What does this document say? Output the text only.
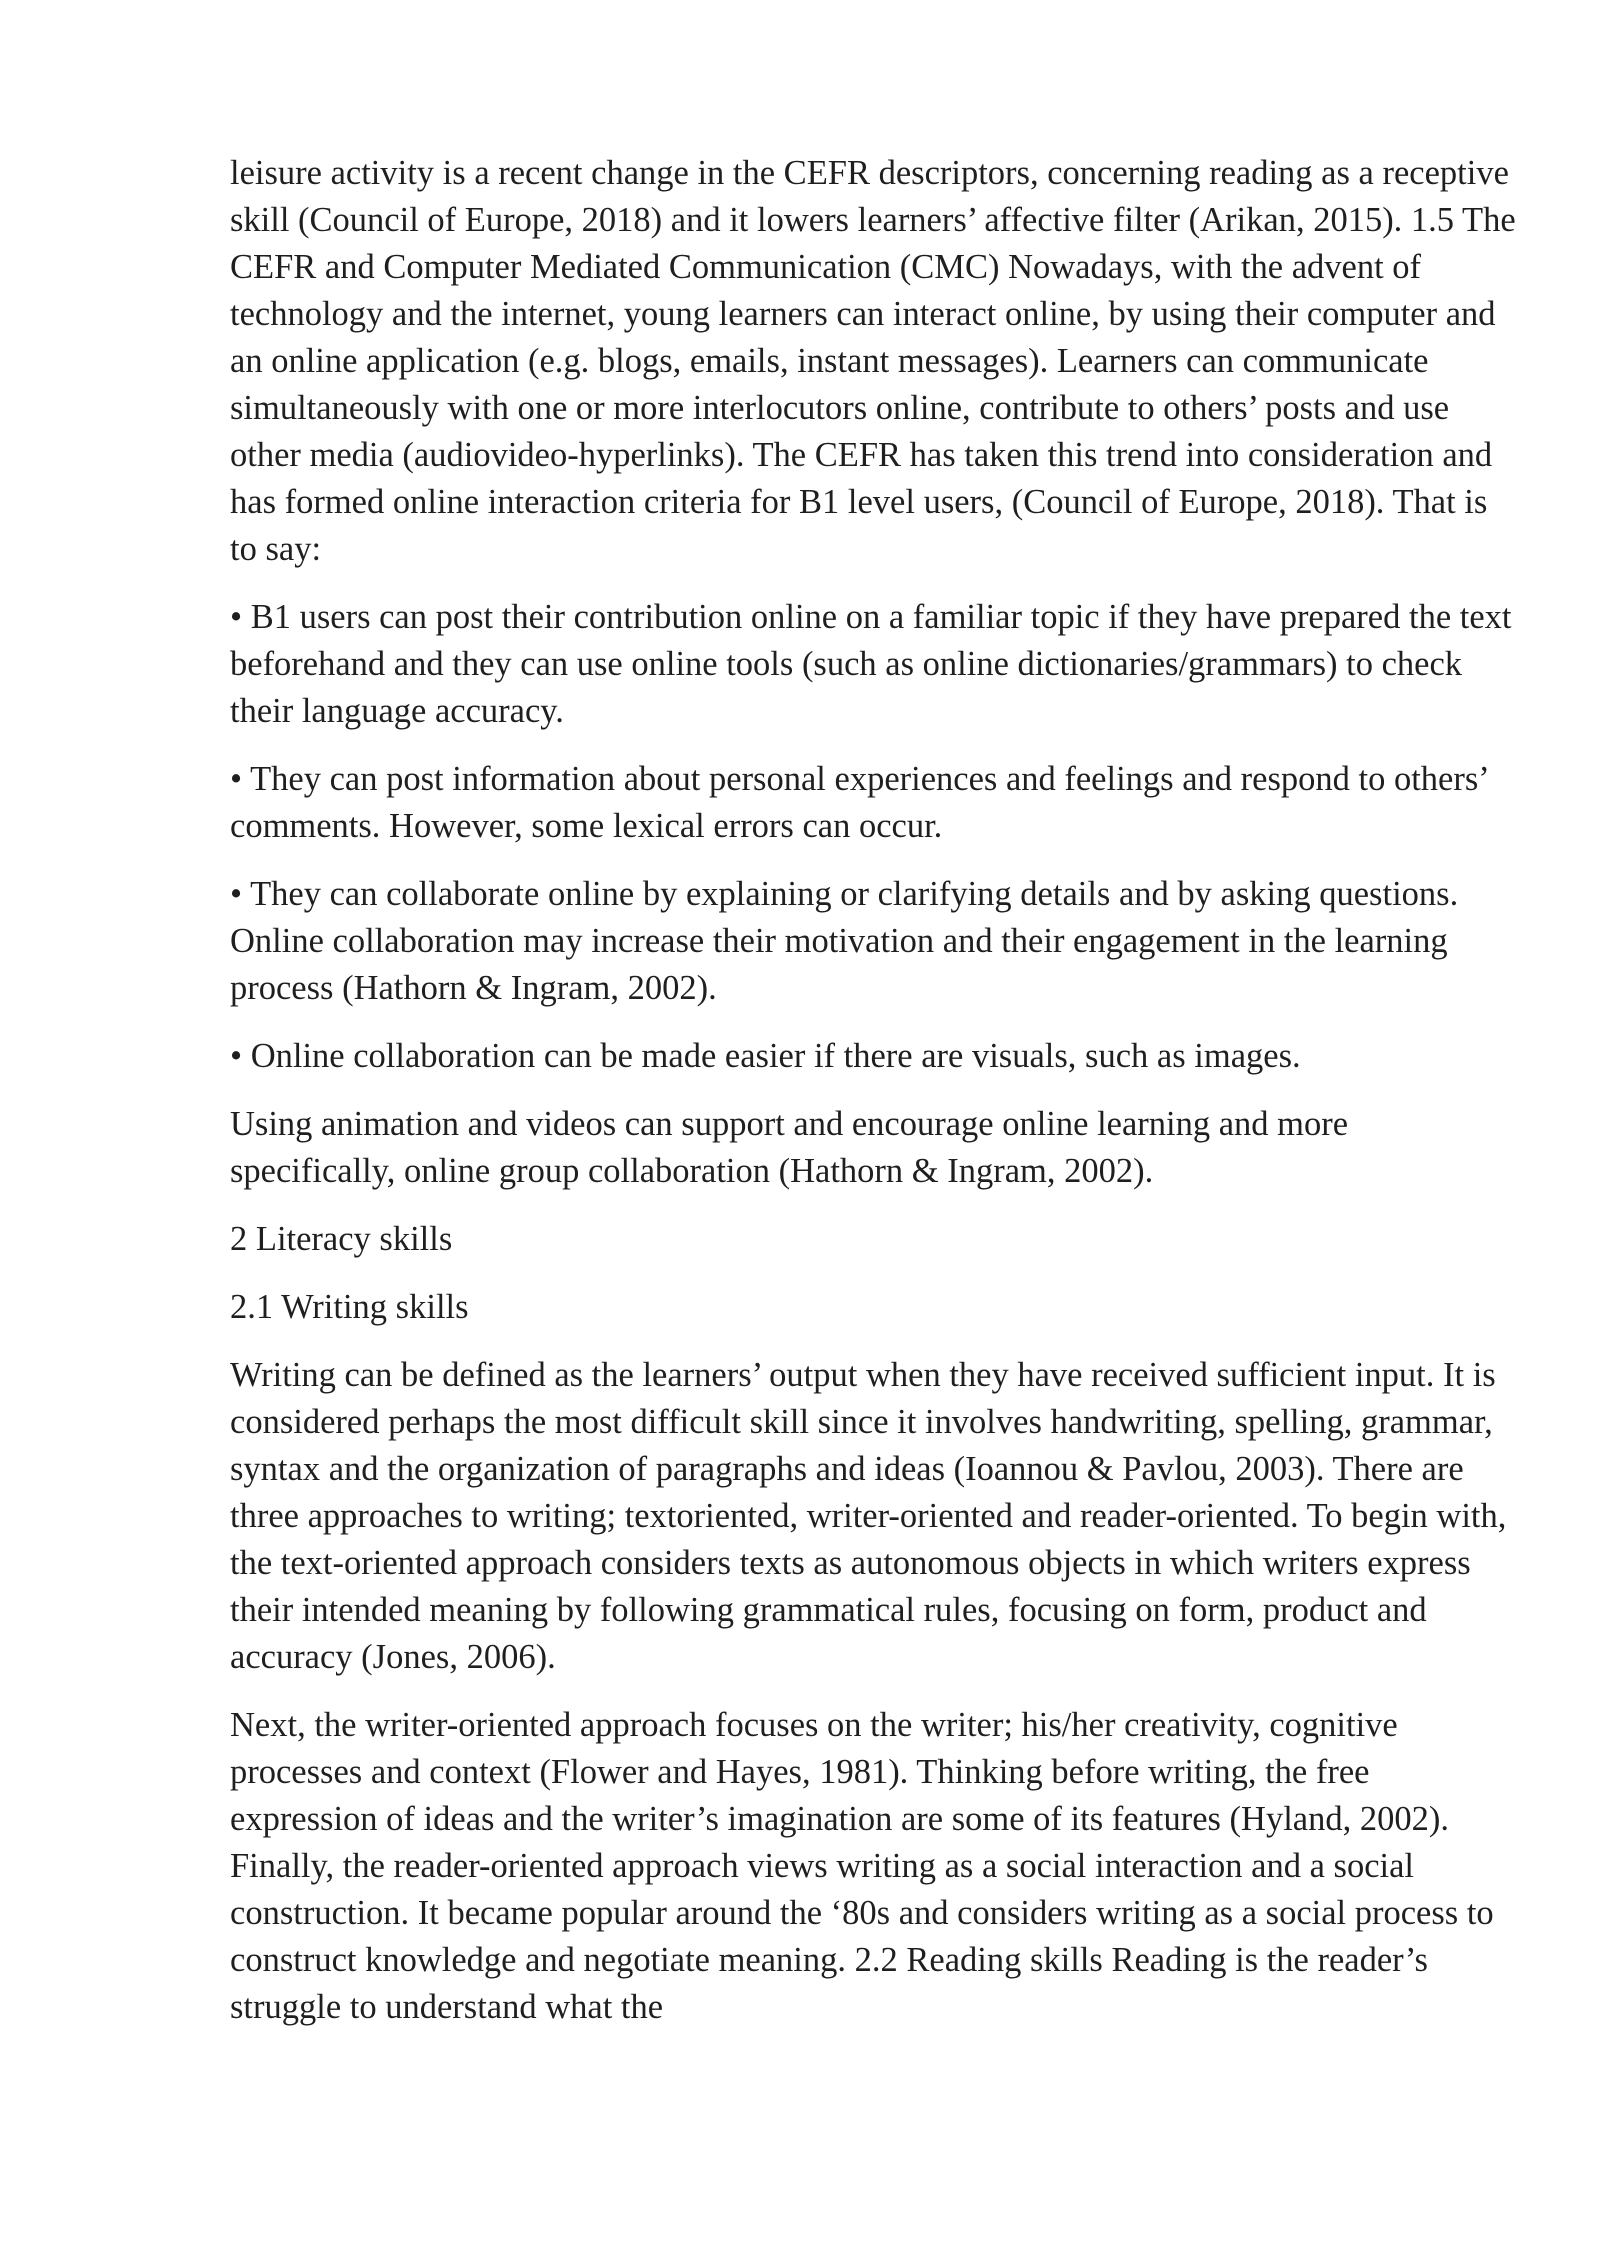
leisure activity is a recent change in the CEFR descriptors, concerning reading as a receptive skill (Council of Europe, 2018) and it lowers learners’ affective filter (Arikan, 2015). 1.5 The CEFR and Computer Mediated Communication (CMC) Nowadays, with the advent of technology and the internet, young learners can interact online, by using their computer and an online application (e.g. blogs, emails, instant messages). Learners can communicate simultaneously with one or more interlocutors online, contribute to others’ posts and use other media (audiovideo-hyperlinks). The CEFR has taken this trend into consideration and has formed online interaction criteria for B1 level users, (Council of Europe, 2018). That is to say:

• B1 users can post their contribution online on a familiar topic if they have prepared the text beforehand and they can use online tools (such as online dictionaries/grammars) to check their language accuracy.

• They can post information about personal experiences and feelings and respond to others’ comments. However, some lexical errors can occur.

• They can collaborate online by explaining or clarifying details and by asking questions. Online collaboration may increase their motivation and their engagement in the learning process (Hathorn & Ingram, 2002).

• Online collaboration can be made easier if there are visuals, such as images.

Using animation and videos can support and encourage online learning and more specifically, online group collaboration (Hathorn & Ingram, 2002).

2 Literacy skills

2.1 Writing skills

Writing can be defined as the learners’ output when they have received sufficient input. It is considered perhaps the most difficult skill since it involves handwriting, spelling, grammar, syntax and the organization of paragraphs and ideas (Ioannou & Pavlou, 2003). There are three approaches to writing; textoriented, writer-oriented and reader-oriented. To begin with, the text-oriented approach considers texts as autonomous objects in which writers express their intended meaning by following grammatical rules, focusing on form, product and accuracy (Jones, 2006).

Next, the writer-oriented approach focuses on the writer; his/her creativity, cognitive processes and context (Flower and Hayes, 1981). Thinking before writing, the free expression of ideas and the writer’s imagination are some of its features (Hyland, 2002). Finally, the reader-oriented approach views writing as a social interaction and a social construction. It became popular around the ‘80s and considers writing as a social process to construct knowledge and negotiate meaning. 2.2 Reading skills Reading is the reader’s struggle to understand what the
